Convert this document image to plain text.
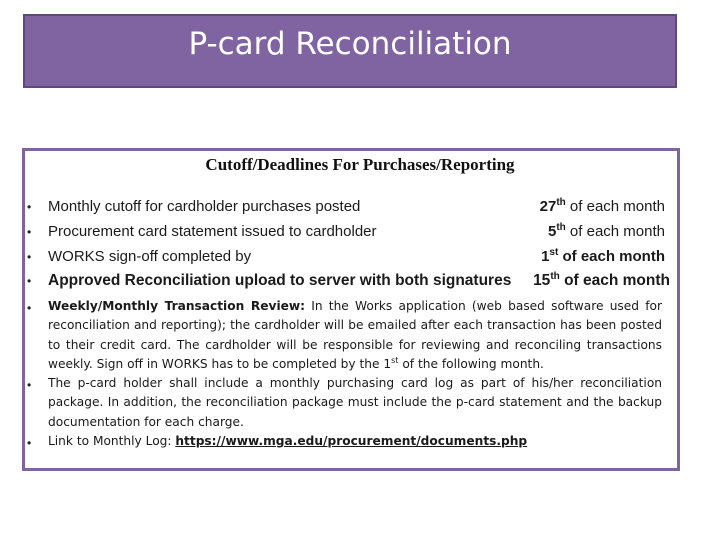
P-card Reconciliation
Cutoff/Deadlines For Purchases/Reporting
• Monthly cutoff for cardholder purchases posted	27th of each month
• Procurement card statement issued to cardholder	5th of each month
• WORKS sign-off completed by	1st of each month
• Approved Reconciliation upload to server with both signatures 15th of each month
• Weekly/Monthly Transaction Review: In the Works application (web based software used for reconciliation and reporting); the cardholder will be emailed after each transaction has been posted to their credit card. The cardholder will be responsible for reviewing and reconciling transactions weekly. Sign off in WORKS has to be completed by the 1st of the following month.
• The p-card holder shall include a monthly purchasing card log as part of his/her reconciliation package. In addition, the reconciliation package must include the p-card statement and the backup documentation for each charge.
• Link to Monthly Log: https://www.mga.edu/procurement/documents.php
